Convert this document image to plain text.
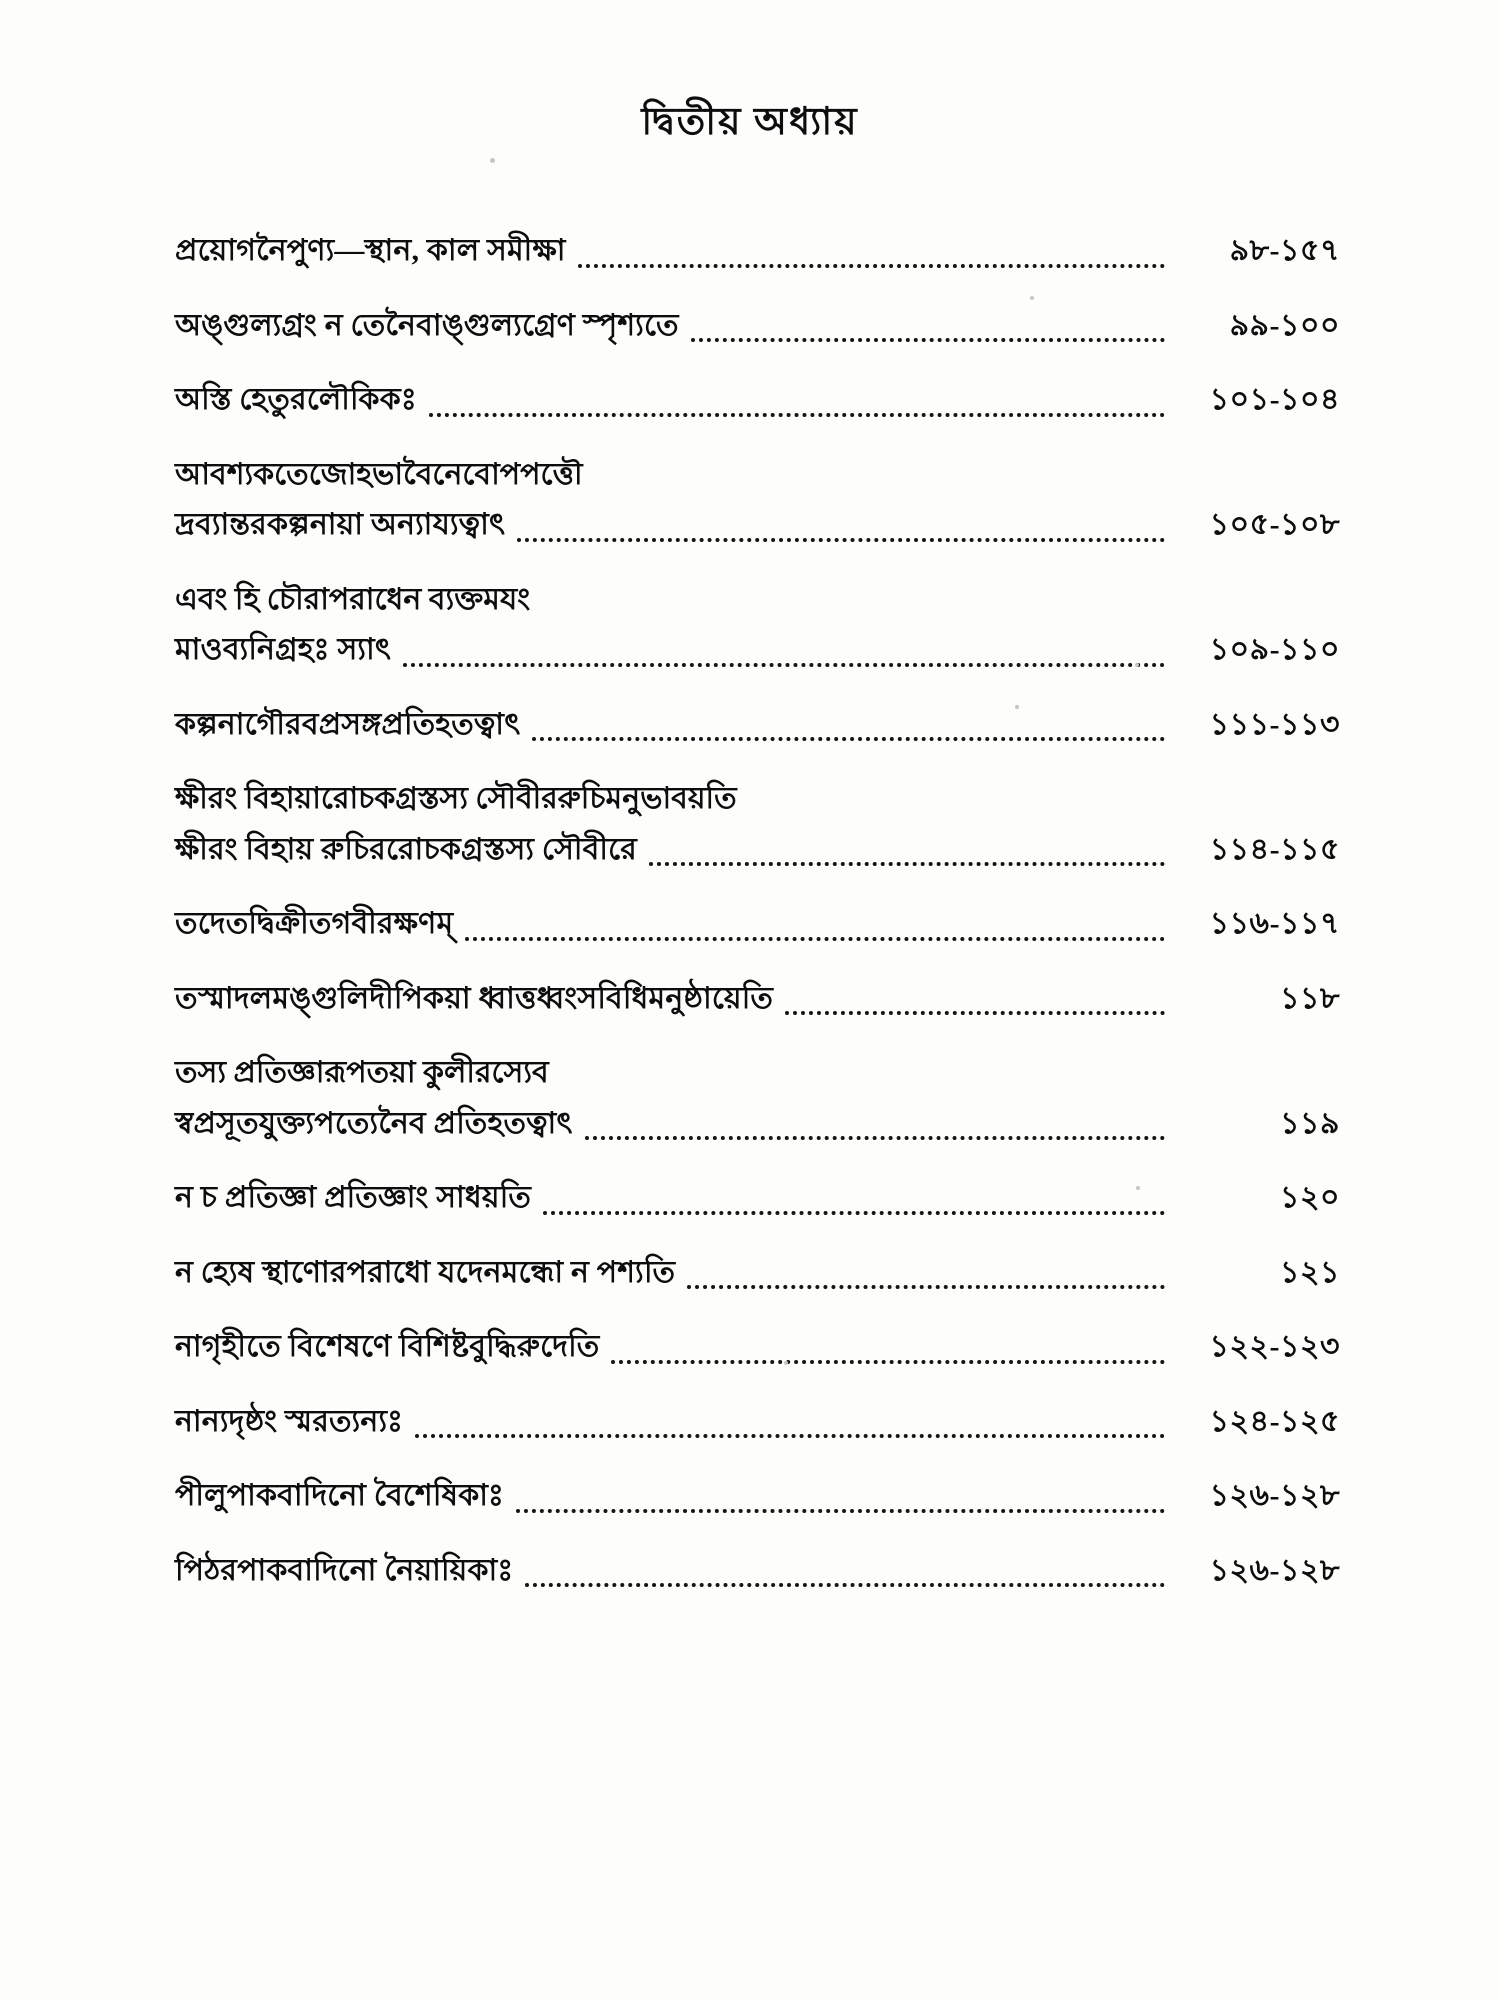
দ্বিতীয় অধ্যায়
প্রয়োগনৈপুণ্য—স্থান, কাল সমীক্ষা	৯৮-১৫৭
অঙ্গুল্যগ্রং ন তেনৈবাঙ্গুল্যগ্রেণ স্পৃশ্যতে	৯৯-১০০
অস্তি হেতুরলৌকিকঃ	১০১-১০৪
আবশ্যকতেজোহভাবৈনেবোপপত্তৌ
দ্রব্যান্তরকল্পনায়া অন্যায্যত্বাৎ	১০৫-১০৮
এবং হি চৌরাপরাধেন ব্যক্তমযং
মাওব্যনিগ্রহঃ স্যাৎ	১০৯-১১০
কল্পনাগৌরবপ্রসঙ্গপ্রতিহতত্বাৎ	১১১-১১৩
ক্ষীরং বিহায়ারোচকগ্রস্তস্য সৌবীররুচিমনুভাবয়তি
ক্ষীরং বিহায় রুচিররোচকগ্রস্তস্য সৌবীরে	১১৪-১১৫
তদেতদ্বিক্রীতগবীরক্ষণম্	১১৬-১১৭
তস্মাদলমঙ্গুলিদীপিকয়া ধ্বাত্তধ্বংসবিধিমনুষ্ঠায়েতি	১১৮
তস্য প্রতিজ্ঞারূপতয়া কুলীরস্যেব
স্বপ্রসূতযুক্ত্যপত্যেনৈব প্রতিহতত্বাৎ	১১৯
ন চ প্রতিজ্ঞা প্রতিজ্ঞাং সাধয়তি	১২০
ন হ্যেষ স্থাণোরপরাধো যদেনমন্ধো ন পশ্যতি	১২১
নাগৃহীতে বিশেষণে বিশিষ্টবুদ্ধিরুদেতি	১২২-১২৩
নান্যদৃষ্ঠং স্মরত্যন্যঃ	১২৪-১২৫
পীলুপাকবাদিনো বৈশেষিকাঃ	১২৬-১২৮
পিঠরপাকবাদিনো নৈয়ায়িকাঃ	১২৬-১২৮
